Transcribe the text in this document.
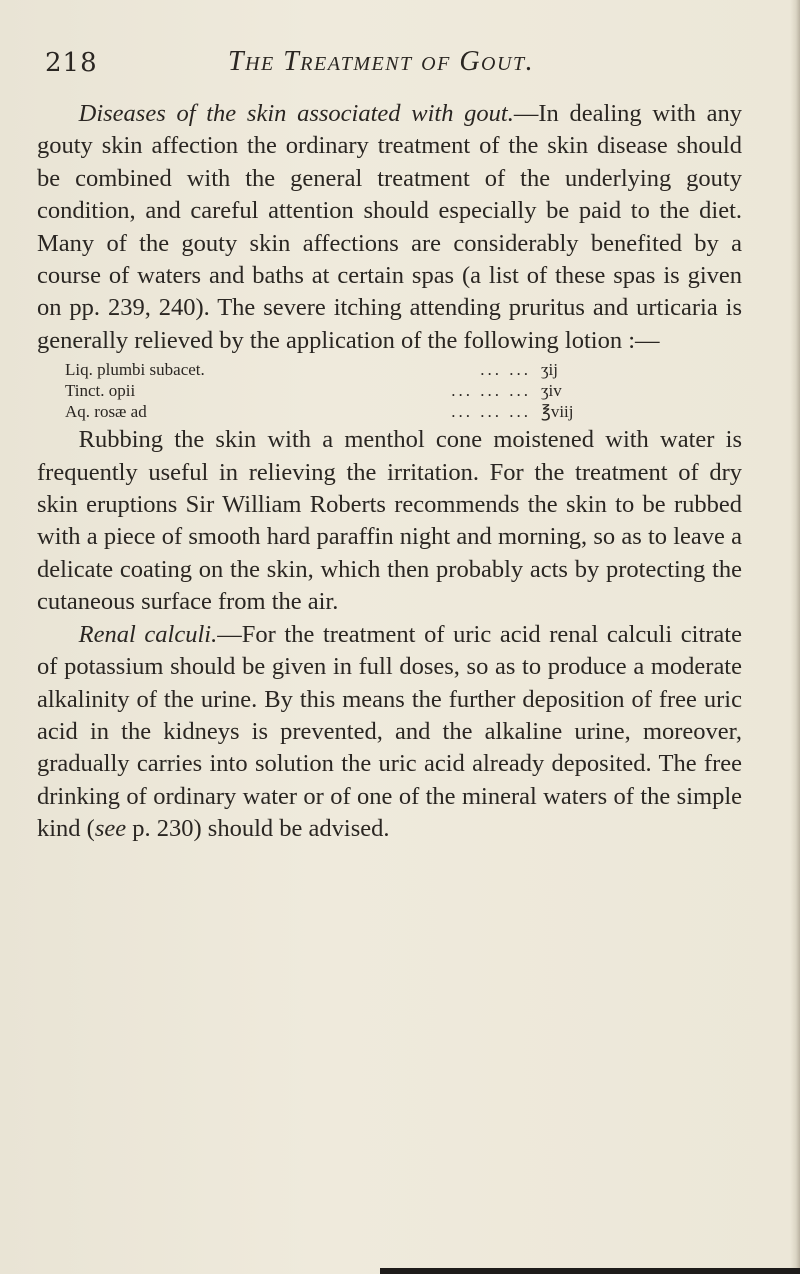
218	The Treatment of Gout.

Diseases of the skin associated with gout.—In dealing with any gouty skin affection the ordinary treatment of the skin disease should be combined with the general treatment of the underlying gouty condition, and careful attention should especially be paid to the diet. Many of the gouty skin affections are considerably benefited by a course of waters and baths at certain spas (a list of these spas is given on pp. 239, 240). The severe itching attending pruritus and urticaria is generally relieved by the application of the following lotion :—

Liq. plumbi subacet.	... ... ʒij
Tinct. opii	... ... ... ʒiv
Aq. rosæ ad	... ... ... ℥viij

Rubbing the skin with a menthol cone moistened with water is frequently useful in relieving the irritation. For the treatment of dry skin eruptions Sir William Roberts recommends the skin to be rubbed with a piece of smooth hard paraffin night and morning, so as to leave a delicate coating on the skin, which then probably acts by protecting the cutaneous surface from the air.

Renal calculi.—For the treatment of uric acid renal calculi citrate of potassium should be given in full doses, so as to produce a moderate alkalinity of the urine. By this means the further deposition of free uric acid in the kidneys is prevented, and the alkaline urine, moreover, gradually carries into solution the uric acid already deposited. The free drinking of ordinary water or of one of the mineral waters of the simple kind (see p. 230) should be advised.
